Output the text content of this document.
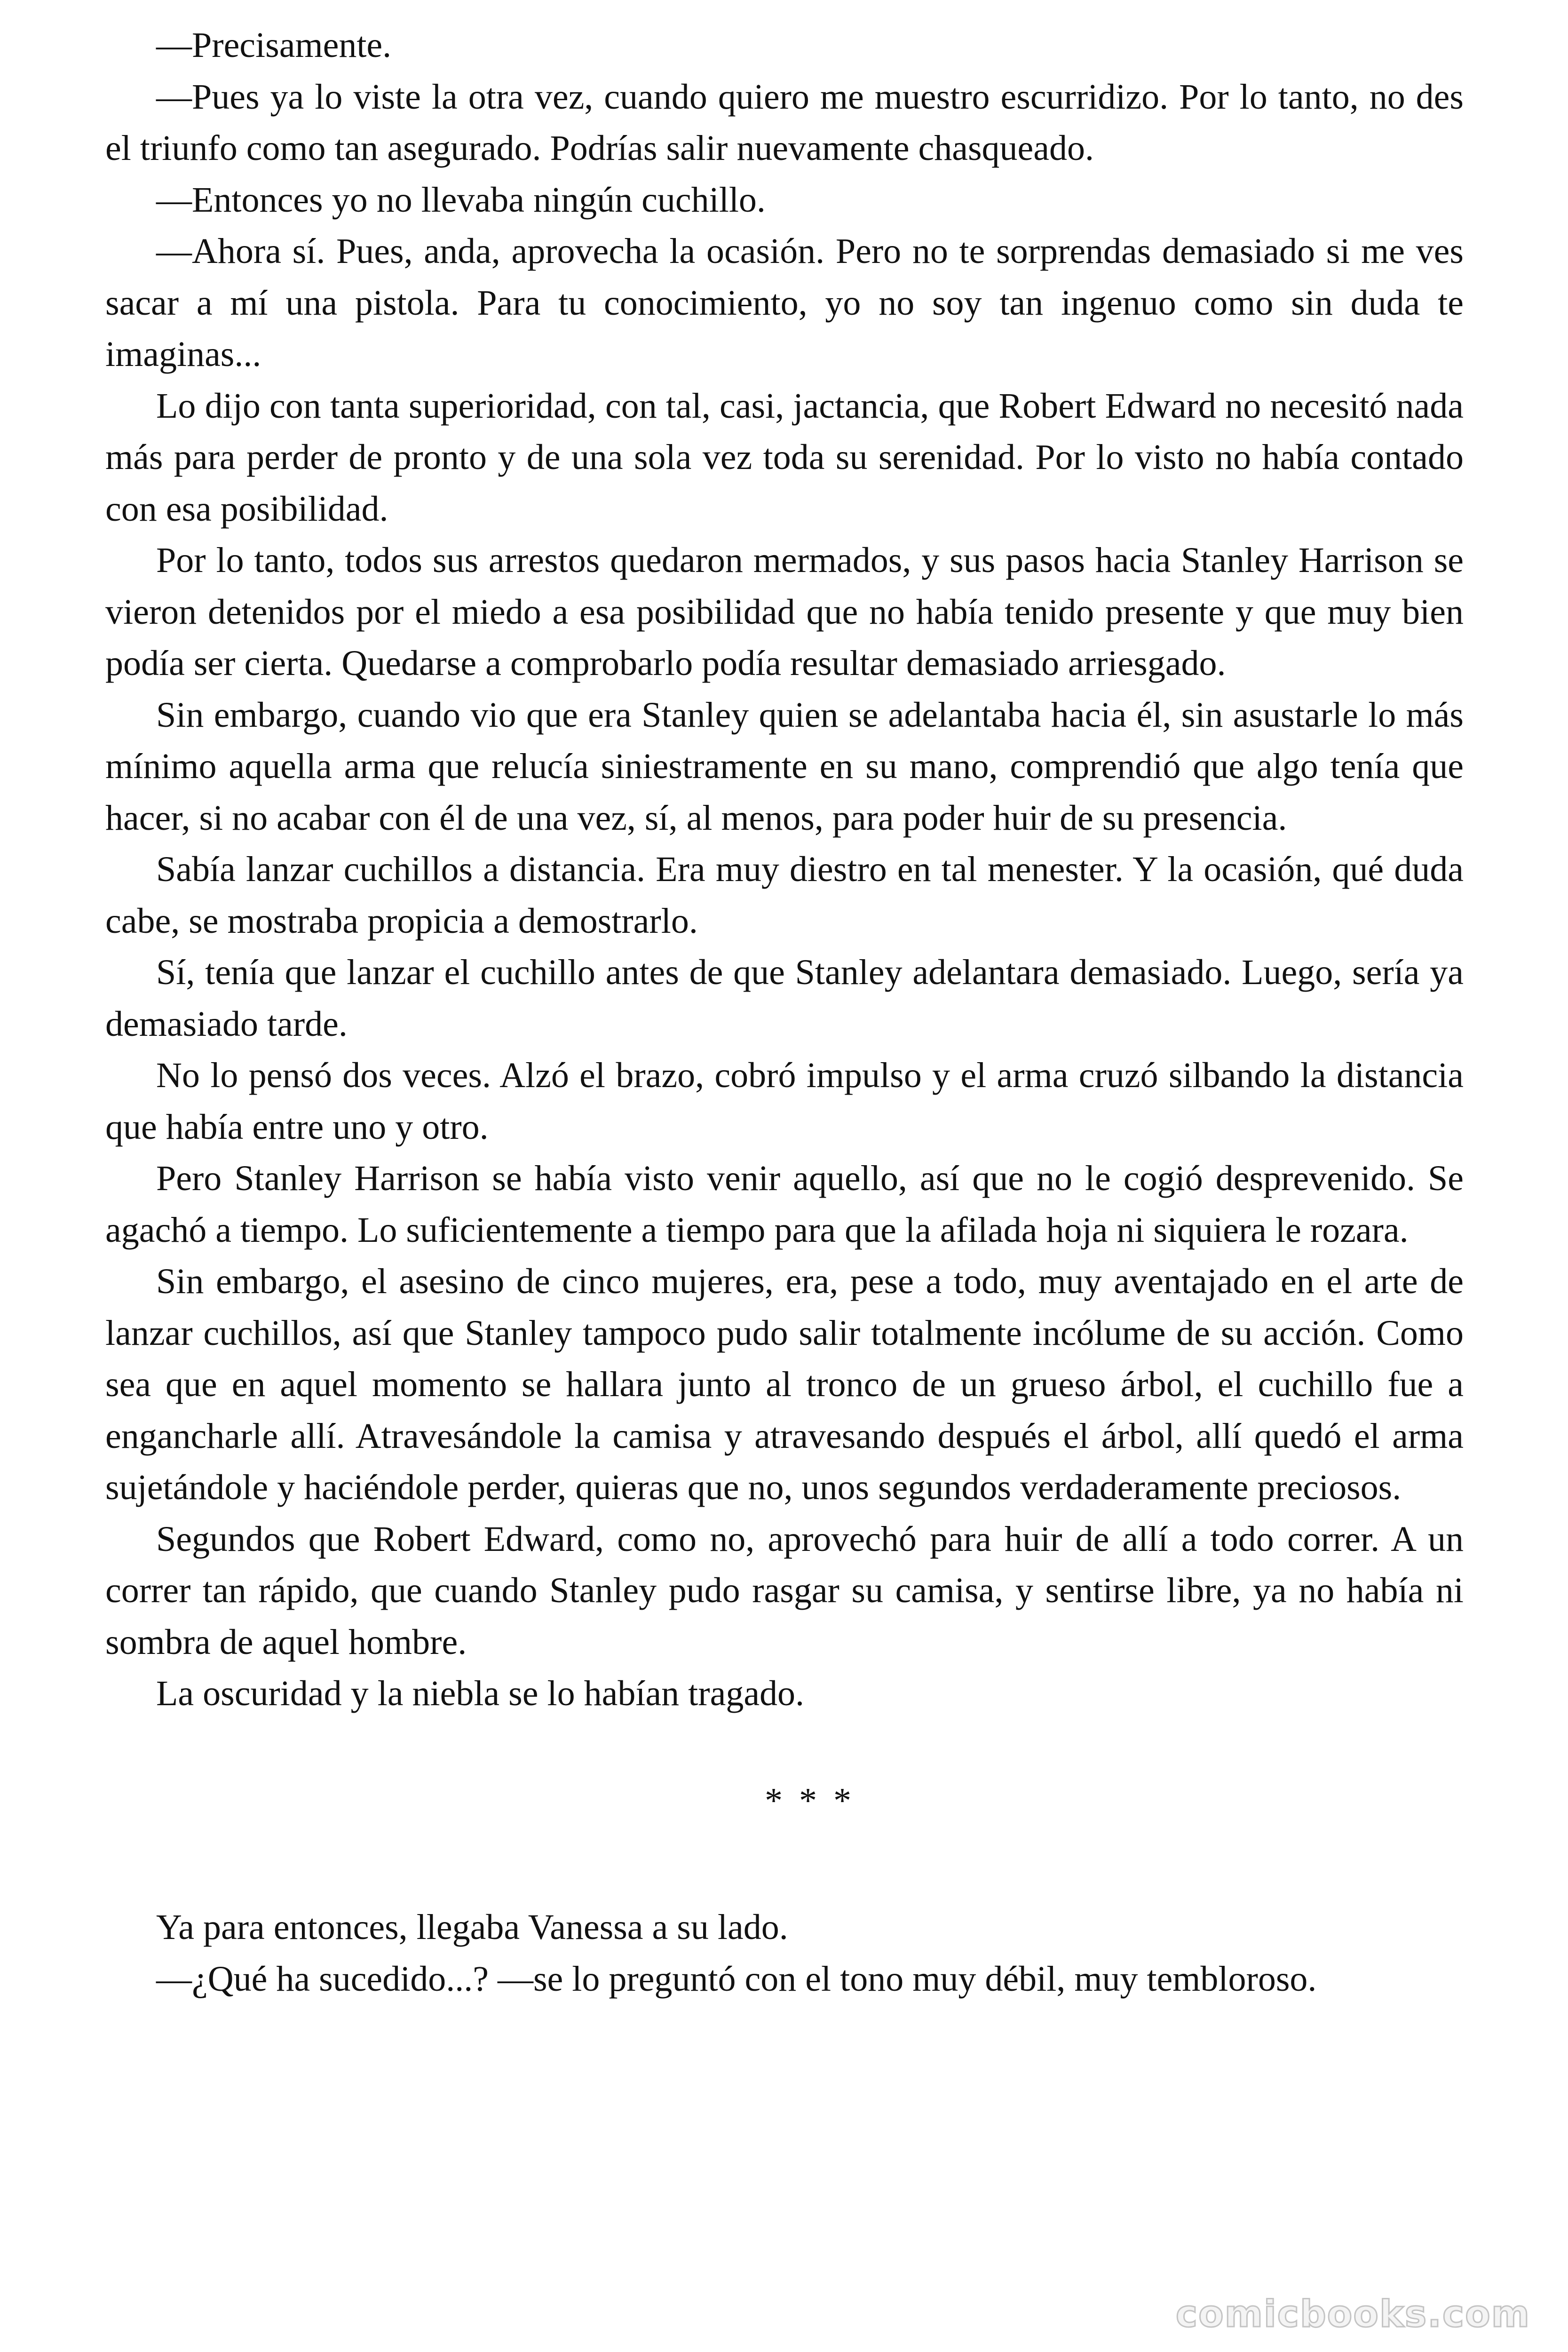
—Precisamente.

—Pues ya lo viste la otra vez, cuando quiero me muestro escurridizo. Por lo tanto, no des el triunfo como tan asegurado. Podrías salir nuevamente chasqueado.

—Entonces yo no llevaba ningún cuchillo.

—Ahora sí. Pues, anda, aprovecha la ocasión. Pero no te sorprendas demasiado si me ves sacar a mí una pistola. Para tu conocimiento, yo no soy tan ingenuo como sin duda te imaginas...

Lo dijo con tanta superioridad, con tal, casi, jactancia, que Robert Edward no necesitó nada más para perder de pronto y de una sola vez toda su serenidad. Por lo visto no había contado con esa posibilidad.

Por lo tanto, todos sus arrestos quedaron mermados, y sus pasos hacia Stanley Harrison se vieron detenidos por el miedo a esa posibilidad que no había tenido presente y que muy bien podía ser cierta. Quedarse a comprobarlo podía resultar demasiado arriesgado.

Sin embargo, cuando vio que era Stanley quien se adelantaba hacia él, sin asustarle lo más mínimo aquella arma que relucía siniestramente en su mano, comprendió que algo tenía que hacer, si no acabar con él de una vez, sí, al menos, para poder huir de su presencia.

Sabía lanzar cuchillos a distancia. Era muy diestro en tal menester. Y la ocasión, qué duda cabe, se mostraba propicia a demostrarlo.

Sí, tenía que lanzar el cuchillo antes de que Stanley adelantara demasiado. Luego, sería ya demasiado tarde.

No lo pensó dos veces. Alzó el brazo, cobró impulso y el arma cruzó silbando la distancia que había entre uno y otro.

Pero Stanley Harrison se había visto venir aquello, así que no le cogió desprevenido. Se agachó a tiempo. Lo suficientemente a tiempo para que la afilada hoja ni siquiera le rozara.

Sin embargo, el asesino de cinco mujeres, era, pese a todo, muy aventajado en el arte de lanzar cuchillos, así que Stanley tampoco pudo salir totalmente incólume de su acción. Como sea que en aquel momento se hallara junto al tronco de un grueso árbol, el cuchillo fue a engancharle allí. Atravesándole la camisa y atravesando después el árbol, allí quedó el arma sujetándole y haciéndole perder, quieras que no, unos segundos verdaderamente preciosos.

Segundos que Robert Edward, como no, aprovechó para huir de allí a todo correr. A un correr tan rápido, que cuando Stanley pudo rasgar su camisa, y sentirse libre, ya no había ni sombra de aquel hombre.

La oscuridad y la niebla se lo habían tragado.

* * *

Ya para entonces, llegaba Vanessa a su lado.

—¿Qué ha sucedido...? —se lo preguntó con el tono muy débil, muy tembloroso.

comicbooks.com
